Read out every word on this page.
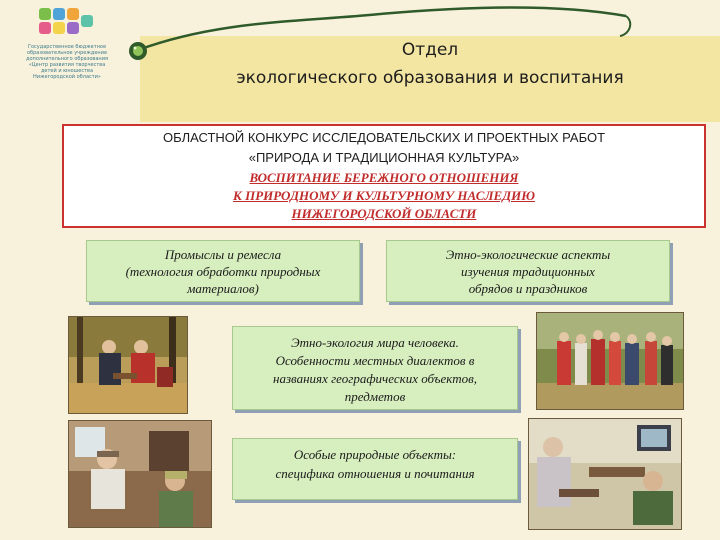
Государственное бюджетное
образовательное учреждение
дополнительного образования
«Центр развития творчества
детей и юношества
Нижегородской области»
Отдел
экологического образования и воспитания
ОБЛАСТНОЙ КОНКУРС ИССЛЕДОВАТЕЛЬСКИХ И ПРОЕКТНЫХ РАБОТ
«ПРИРОДА И ТРАДИЦИОННАЯ КУЛЬТУРА»
ВОСПИТАНИЕ БЕРЕЖНОГО ОТНОШЕНИЯ
К ПРИРОДНОМУ И КУЛЬТУРНОМУ НАСЛЕДИЮ
НИЖЕГОРОДСКОЙ ОБЛАСТИ
Промыслы и ремесла
(технология обработки природных
материалов)
Этно-экологические аспекты
изучения традиционных
обрядов и праздников
Этно-экология мира человека.
Особенности местных диалектов в
названиях географических объектов,
предметов
Особые природные объекты:
специфика отношения и почитания
